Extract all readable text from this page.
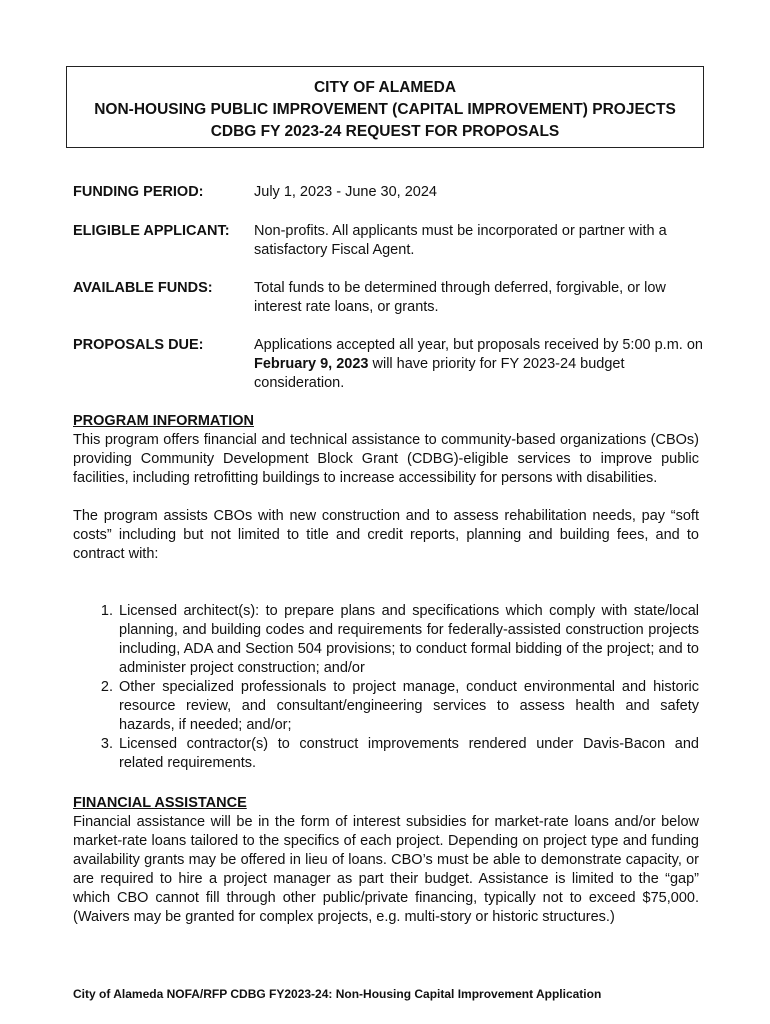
CITY OF ALAMEDA
NON-HOUSING PUBLIC IMPROVEMENT (CAPITAL IMPROVEMENT) PROJECTS
CDBG FY 2023-24 REQUEST FOR PROPOSALS
FUNDING PERIOD:	July 1, 2023 - June 30, 2024
ELIGIBLE APPLICANT: Non-profits. All applicants must be incorporated or partner with a satisfactory Fiscal Agent.
AVAILABLE FUNDS:	Total funds to be determined through deferred, forgivable, or low interest rate loans, or grants.
PROPOSALS DUE:	Applications accepted all year, but proposals received by 5:00 p.m. on February 9, 2023 will have priority for FY 2023-24 budget consideration.
PROGRAM INFORMATION

This program offers financial and technical assistance to community-based organizations (CBOs) providing Community Development Block Grant (CDBG)-eligible services to improve public facilities, including retrofitting buildings to increase accessibility for persons with disabilities.

The program assists CBOs with new construction and to assess rehabilitation needs, pay “soft costs” including but not limited to title and credit reports, planning and building fees, and to contract with:

1. Licensed architect(s): to prepare plans and specifications which comply with state/local planning, and building codes and requirements for federally-assisted construction projects including, ADA and Section 504 provisions; to conduct formal bidding of the project; and to administer project construction; and/or
2. Other specialized professionals to project manage, conduct environmental and historic resource review, and consultant/engineering services to assess health and safety hazards, if needed; and/or;
3. Licensed contractor(s) to construct improvements rendered under Davis-Bacon and related requirements.
FINANCIAL ASSISTANCE

Financial assistance will be in the form of interest subsidies for market-rate loans and/or below market-rate loans tailored to the specifics of each project. Depending on project type and funding availability grants may be offered in lieu of loans. CBO’s must be able to demonstrate capacity, or are required to hire a project manager as part their budget. Assistance is limited to the “gap” which CBO cannot fill through other public/private financing, typically not to exceed $75,000. (Waivers may be granted for complex projects, e.g. multi-story or historic structures.)

City of Alameda NOFA/RFP CDBG FY2023-24: Non-Housing Capital Improvement Application
